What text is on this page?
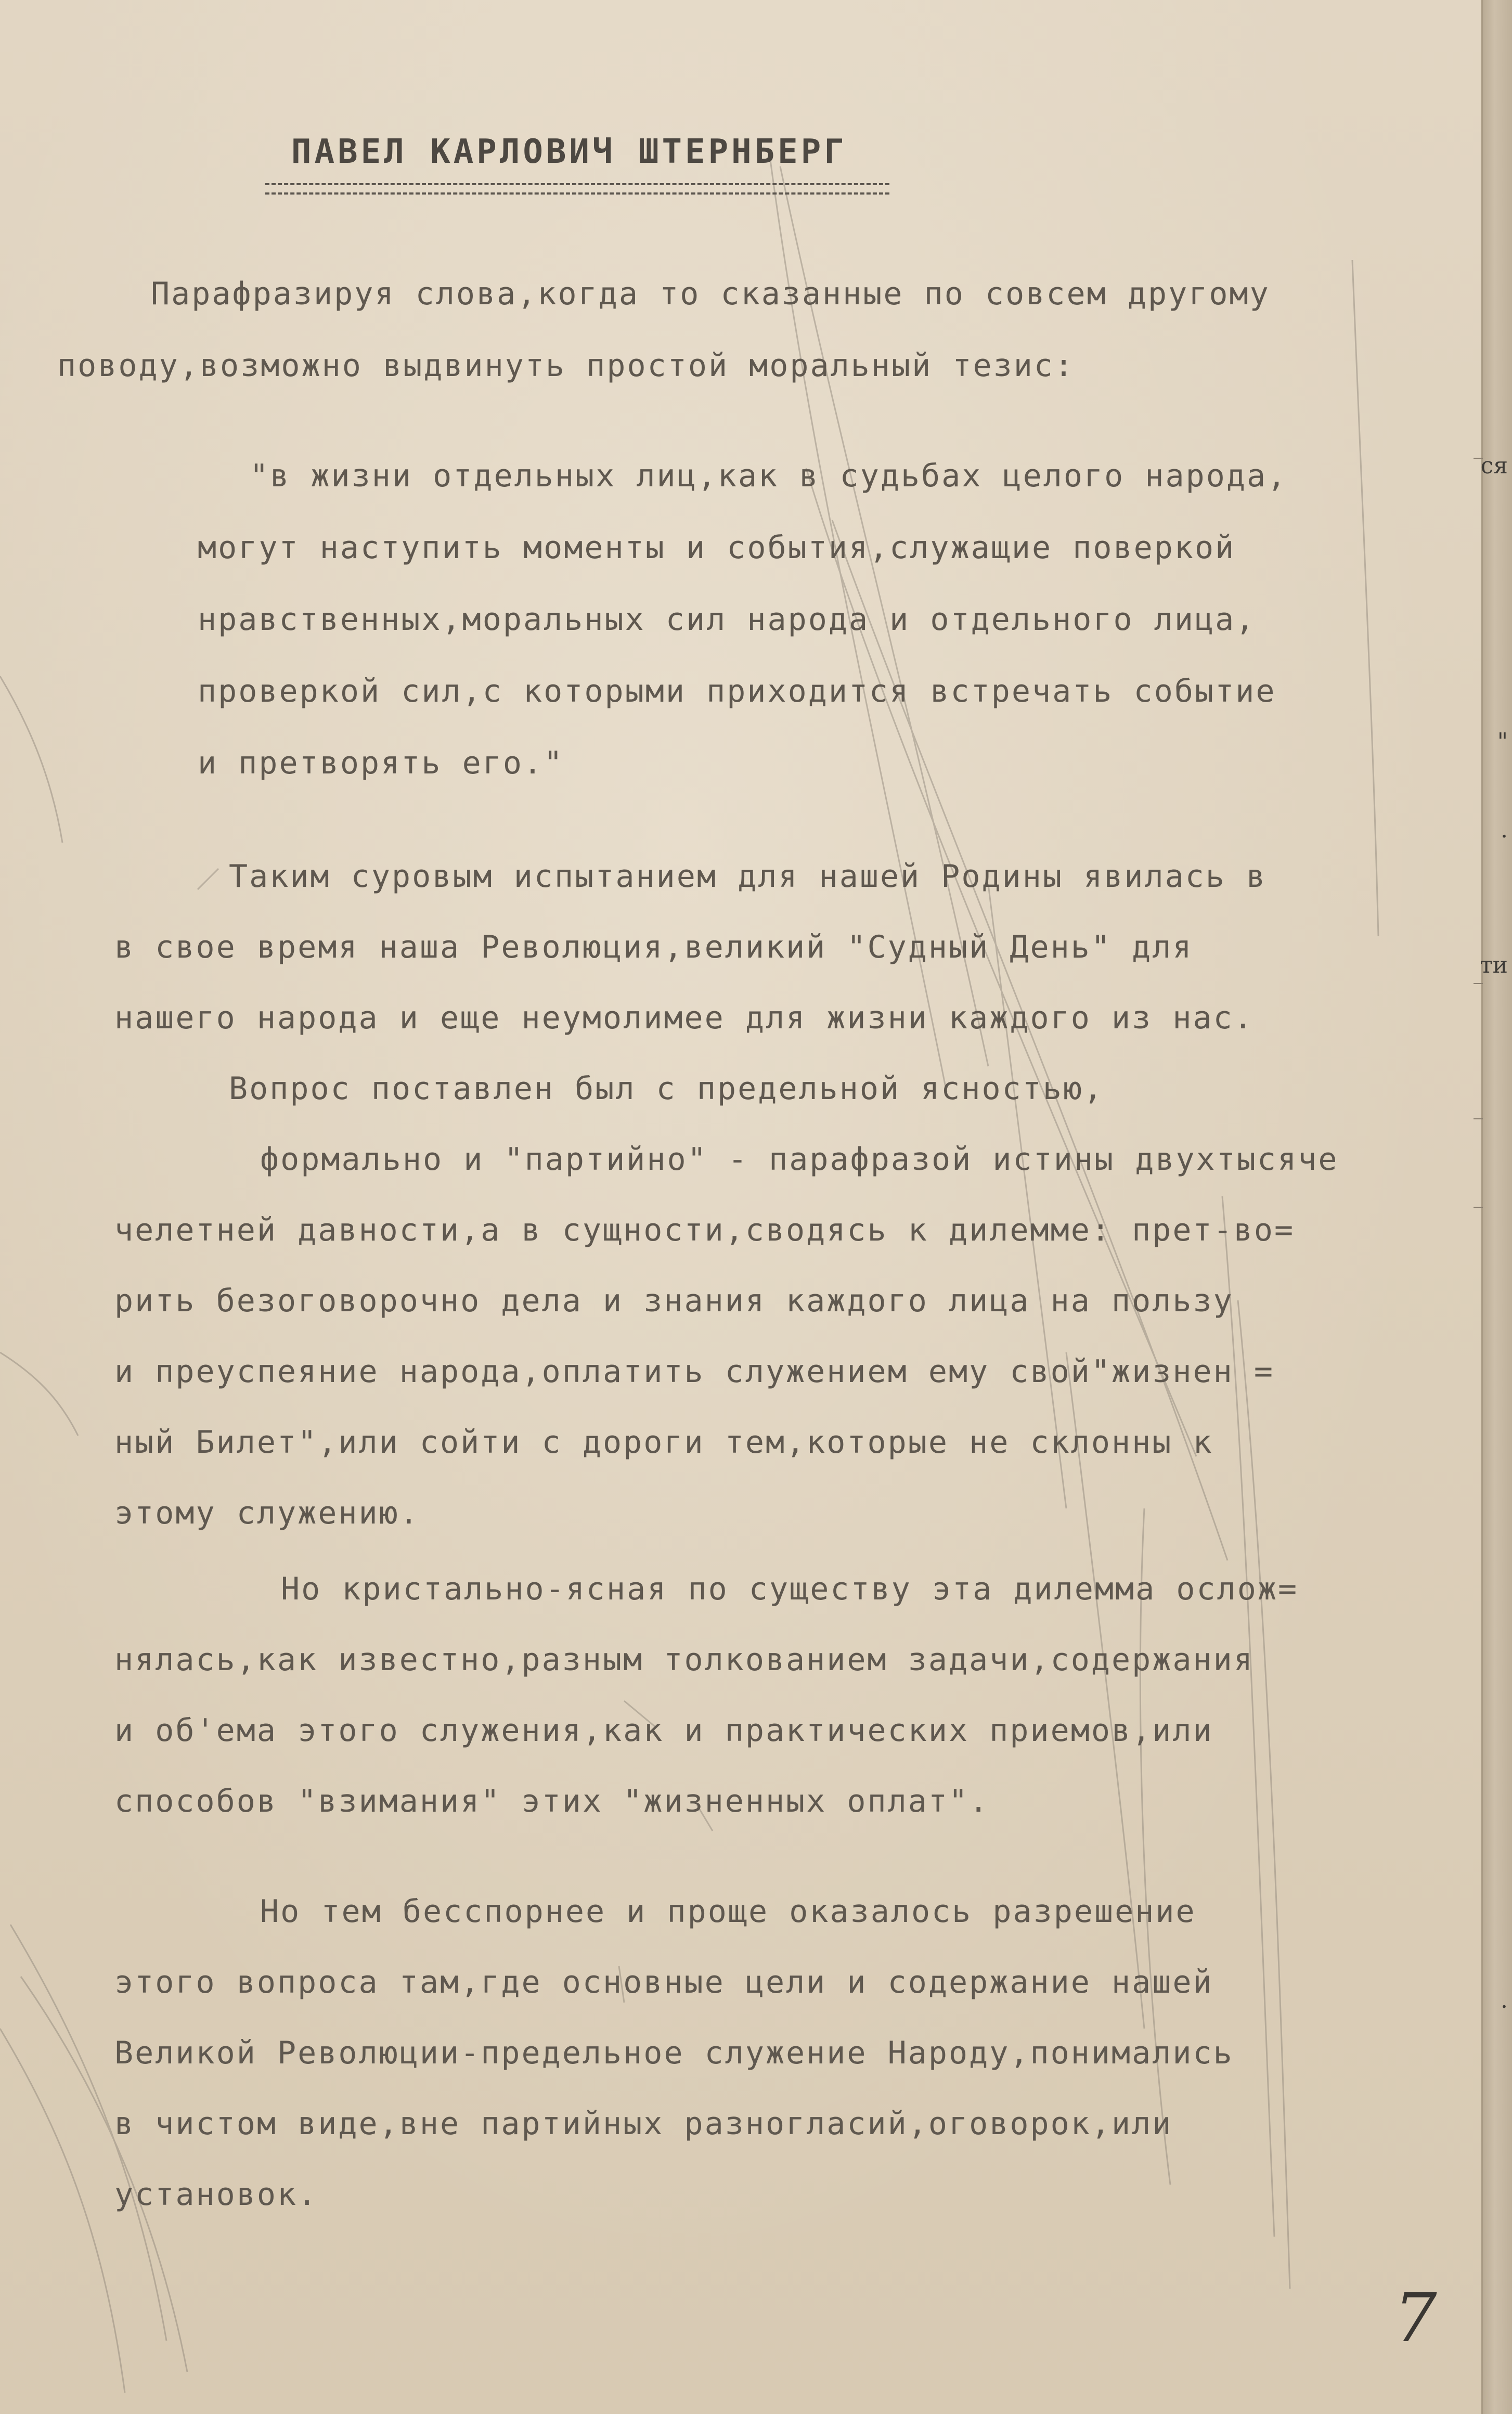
ся
"
.
ти
.
ПАВЕЛ КАРЛОВИЧ ШТЕРНБЕРГ
Парафразируя слова,когда то сказанные по совсем другому
поводу,возможно выдвинуть простой моральный тезис:
"в жизни отдельных лиц,как в судьбах целого народа,
могут наступить моменты и события,служащие поверкой
нравственных,моральных сил народа и отдельного лица,
проверкой сил,с которыми приходится встречать событие
и претворять его."
Таким суровым испытанием для нашей Родины явилась в
в свое время наша Революция,великий "Судный День" для
нашего народа и еще неумолимее для жизни каждого из нас.
Вопрос поставлен был с предельной ясностью,
формально и "партийно" - парафразой истины двухтысяче
челетней давности,а в сущности,сводясь к дилемме: прет-во=
рить безоговорочно дела и знания каждого лица на пользу
и преуспеяние народа,оплатить служением ему свой"жизнен =
ный Билет",или сойти с дороги тем,которые не склонны к
этому служению.
Но кристально-ясная по существу эта дилемма ослож=
нялась,как известно,разным толкованием задачи,содержания
и об'ема этого служения,как и практических приемов,или
способов "взимания" этих "жизненных оплат".
Но тем бесспорнее и проще оказалось разрешение
этого вопроса там,где основные цели и содержание нашей
Великой Революции-предельное служение Народу,понимались
в чистом виде,вне партийных разногласий,оговорок,или
установок.
7
